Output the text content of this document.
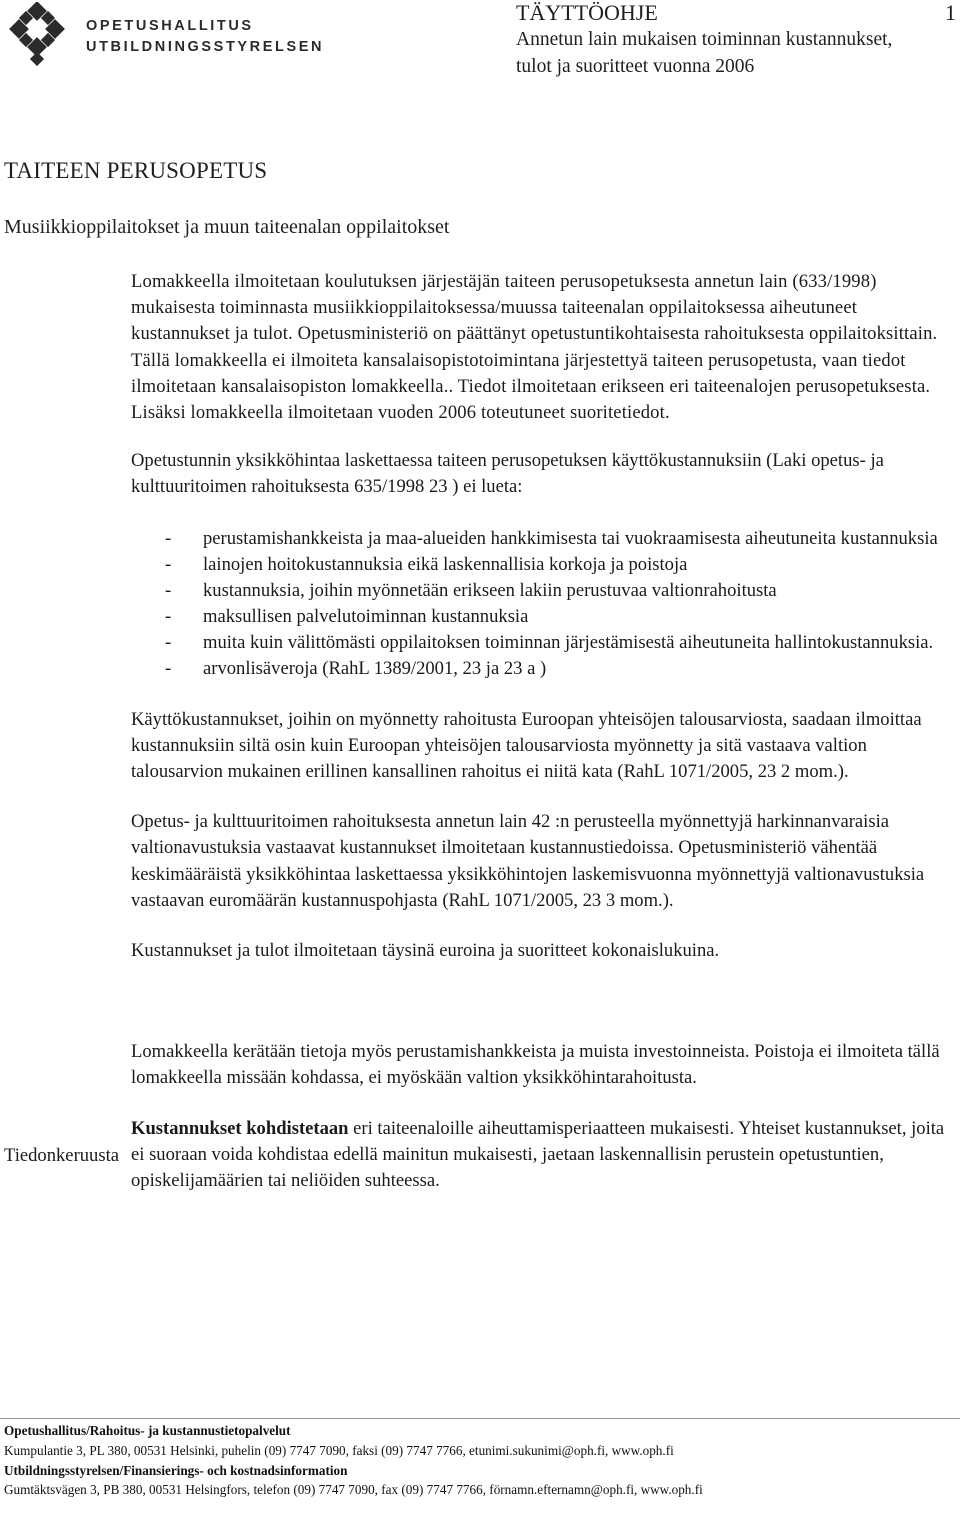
OPETUSHALLITUS
UTBILDNINGSSTYRELSEN
TÄYTTÖOHJE	1
Annetun lain mukaisen toiminnan kustannukset,
tulot ja suoritteet vuonna 2006
TAITEEN PERUSOPETUS
Musiikkioppilaitokset ja muun taiteenalan oppilaitokset

Lomakkeella ilmoitetaan koulutuksen järjestäjän taiteen perusopetuksesta annetun lain (633/1998) mukaisesta toiminnasta musiikkioppilaitoksessa/muussa taiteenalan oppilaitoksessa aiheutuneet kustannukset ja tulot. Opetusministeriö on päättänyt opetustuntikohtaisesta rahoituksesta oppilaitoksittain. Tällä lomakkeella ei ilmoiteta kansalaisopistotoimintana järjestettyä taiteen perusopetusta, vaan tiedot ilmoitetaan kansalaisopiston lomakkeella.. Tiedot ilmoitetaan erikseen eri taiteenalojen perusopetuksesta. Lisäksi lomakkeella ilmoitetaan vuoden 2006 toteutuneet suoritetiedot.

Opetustunnin yksikköhintaa laskettaessa taiteen perusopetuksen käyttökustannuksiin (Laki opetus- ja kulttuuritoimen rahoituksesta 635/1998 23 ) ei lueta:

- perustamishankkeista ja maa-alueiden hankkimisesta tai vuokraamisesta aiheutuneita kustannuksia
- lainojen hoitokustannuksia eikä laskennallisia korkoja ja poistoja
- kustannuksia, joihin myönnetään erikseen lakiin perustuvaa valtionrahoitusta
- maksullisen palvelutoiminnan kustannuksia
- muita kuin välittömästi oppilaitoksen toiminnan järjestämisestä aiheutuneita hallintokustannuksia.
- arvonlisäveroja (RahL 1389/2001, 23 ja 23 a )

Käyttökustannukset, joihin on myönnetty rahoitusta Euroopan yhteisöjen talousarviosta, saadaan ilmoittaa kustannuksiin siltä osin kuin Euroopan yhteisöjen talousarviosta myönnetty ja sitä vastaava valtion talousarvion mukainen erillinen kansallinen rahoitus ei niitä kata (RahL 1071/2005, 23 2 mom.).

Opetus- ja kulttuuritoimen rahoituksesta annetun lain 42 :n perusteella myönnettyjä harkinnanvaraisia valtionavustuksia vastaavat kustannukset ilmoitetaan kustannustiedoissa. Opetusministeriö vähentää keskimääräistä yksikköhintaa laskettaessa yksikköhintojen laskemisvuonna myönnettyjä valtionavustuksia vastaavan euromäärän kustannuspohjasta (RahL 1071/2005, 23 3 mom.).

Kustannukset ja tulot ilmoitetaan täysinä euroina ja suoritteet kokonaislukuina.

Lomakkeella kerätään tietoja myös perustamishankkeista ja muista investoinneista. Poistoja ei ilmoiteta tällä lomakkeella missään kohdassa, ei myöskään valtion yksikköhintarahoitusta.

Kustannukset kohdistetaan eri taiteenaloille aiheuttamisperiaatteen mukaisesti. Yhteiset kustannukset, joita ei suoraan voida kohdistaa edellä mainitun mukaisesti, jaetaan laskennallisin perustein opetustuntien, opiskelijamäärien tai neliöiden suhteessa.

Tiedonkeruusta
Opetushallitus/Rahoitus- ja kustannustietopalvelut
Kumpulantie 3, PL 380, 00531 Helsinki, puhelin (09) 7747 7090, faksi (09) 7747 7766, etunimi.sukunimi@oph.fi, www.oph.fi
Utbildningsstyrelsen/Finansierings- och kostnadsinformation
Gumtäktsvägen 3, PB 380, 00531 Helsingfors, telefon (09) 7747 7090, fax (09) 7747 7766, förnamn.efternamn@oph.fi, www.oph.fi
